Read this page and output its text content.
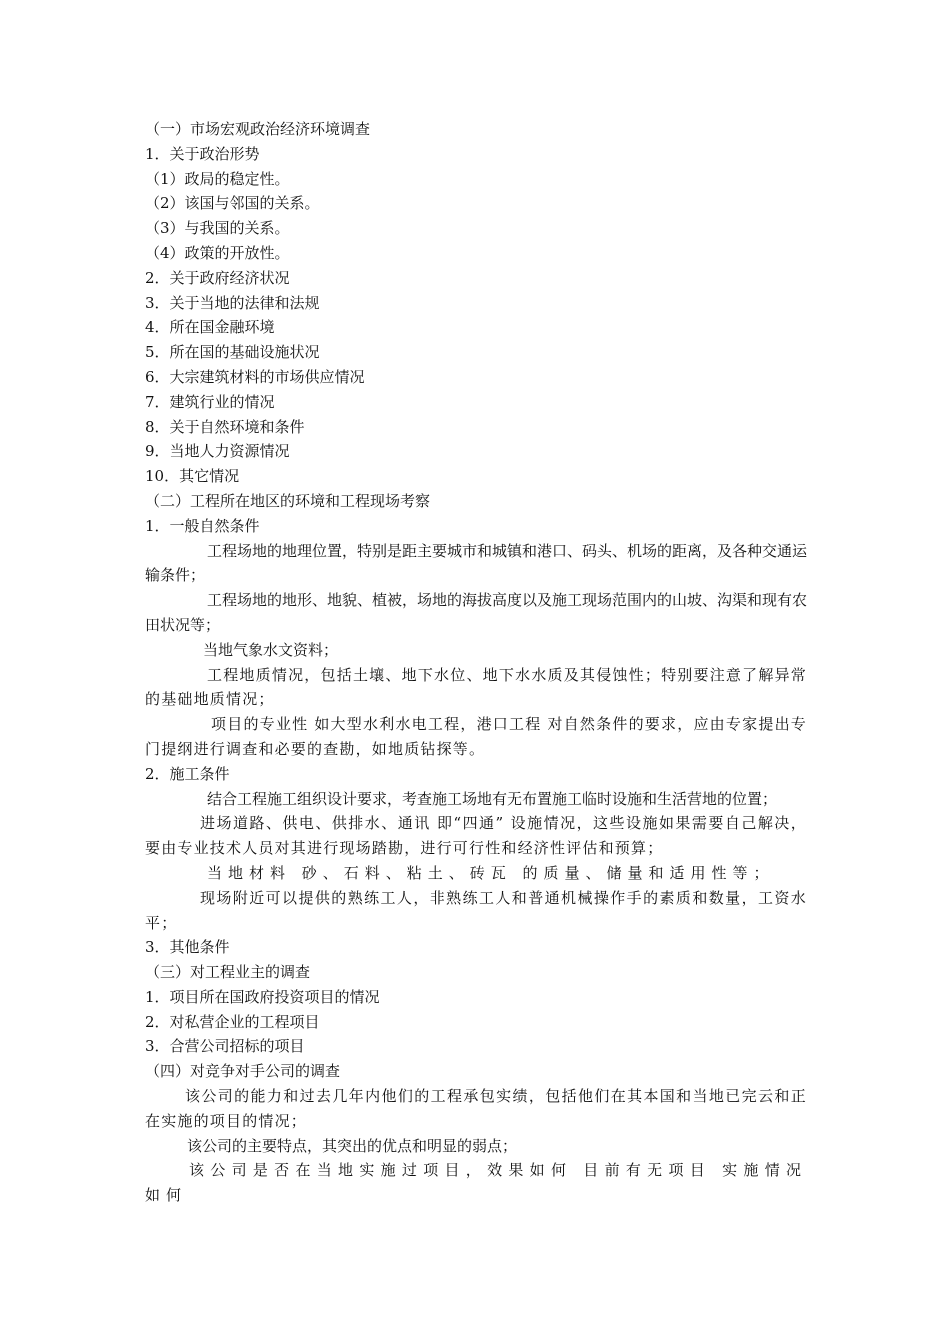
（一）市场宏观政治经济环境调查
1．关于政治形势
（1）政局的稳定性。
（2）该国与邻国的关系。
（3）与我国的关系。
（4）政策的开放性。
2．关于政府经济状况
3．关于当地的法律和法规
4．所在国金融环境
5．所在国的基础设施状况
6．大宗建筑材料的市场供应情况
7．建筑行业的情况
8．关于自然环境和条件
9．当地人力资源情况
10．其它情况
（二）工程所在地区的环境和工程现场考察
1．一般自然条件
工程场地的地理位置，特别是距主要城市和城镇和港口、码头、机场的距离，及各种交通运输条件；
工程场地的地形、地貌、植被，场地的海拔高度以及施工现场范围内的山坡、沟渠和现有农田状况等；
当地气象水文资料；
工程地质情况，包括土壤、地下水位、地下水水质及其侵蚀性；特别要注意了解异常的基础地质情况；
项目的专业性 如大型水利水电工程，港口工程 对自然条件的要求，应由专家提出专门提纲进行调查和必要的查勘，如地质钻探等。
2．施工条件
结合工程施工组织设计要求，考查施工场地有无布置施工临时设施和生活营地的位置；
进场道路、供电、供排水、通讯 即“四通” 设施情况，这些设施如果需要自己解决，要由专业技术人员对其进行现场踏勘，进行可行性和经济性评估和预算；
当地材料 砂、石料、粘土、砖瓦 的质量、储量和适用性等；
现场附近可以提供的熟练工人，非熟练工人和普通机械操作手的素质和数量，工资水平；
3．其他条件
（三）对工程业主的调查
1．项目所在国政府投资项目的情况
2．对私营企业的工程项目
3．合营公司招标的项目
（四）对竞争对手公司的调查
该公司的能力和过去几年内他们的工程承包实绩，包括他们在其本国和当地已完云和正在实施的项目的情况；
该公司的主要特点，其突出的优点和明显的弱点；
该公司是否在当地实施过项目，效果如何 目前有无项目 实施情况如何
